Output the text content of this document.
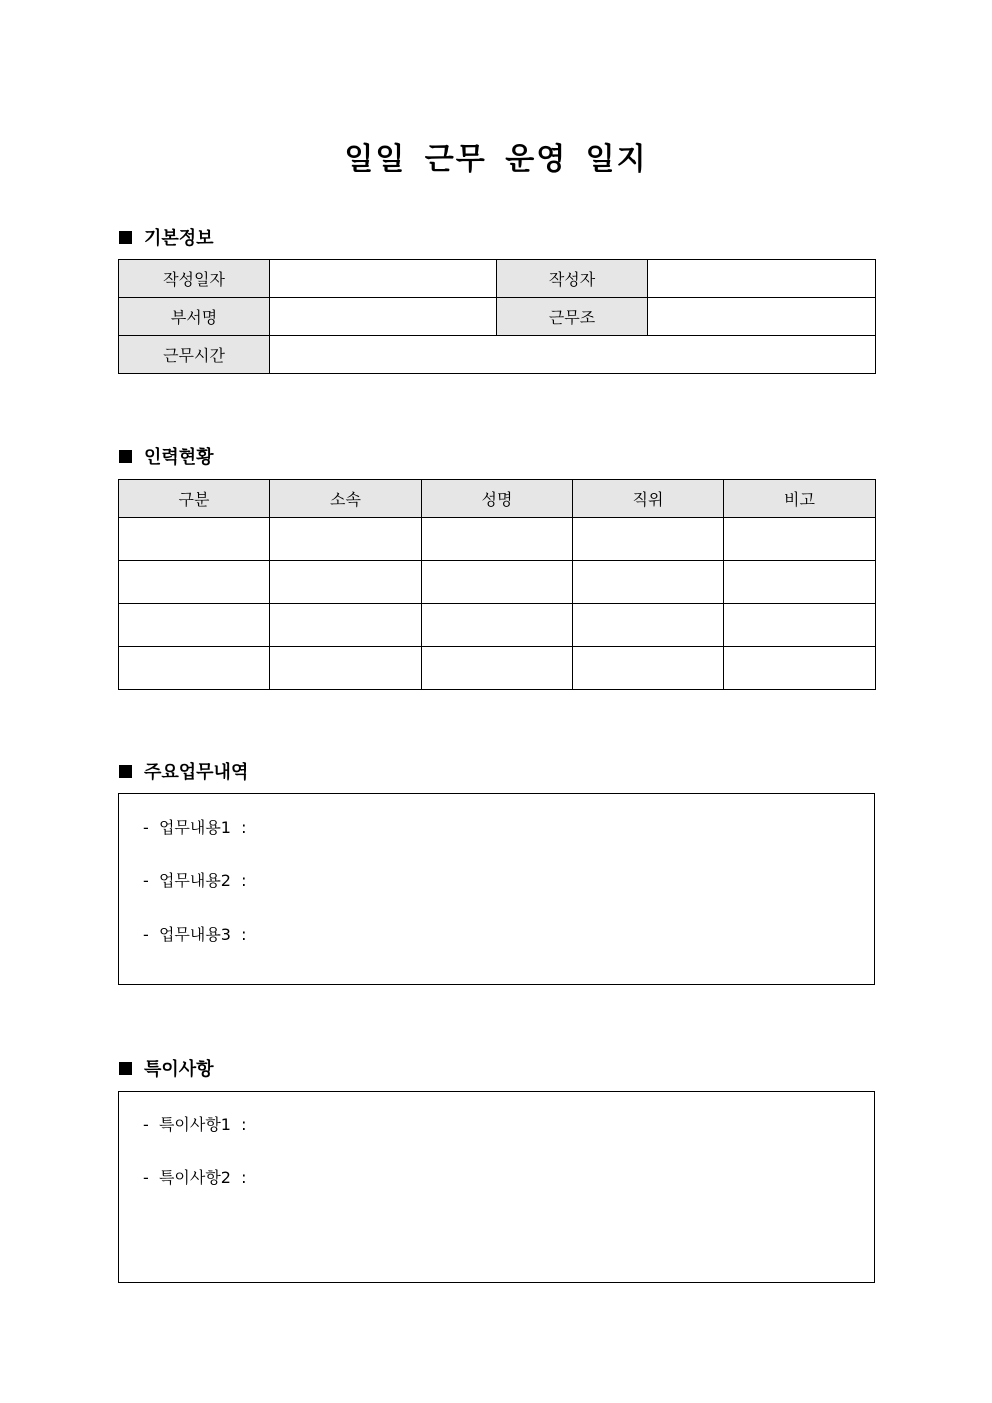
일일 근무 운영 일지
기본정보
작성일자		작성자	
부서명		근무조	
근무시간			
인력현황
구분	소속	성명	직위	비고

주요업무내역
-  업무내용1  :
-  업무내용2  :
-  업무내용3  :
특이사항
-  특이사항1  :
-  특이사항2  :
